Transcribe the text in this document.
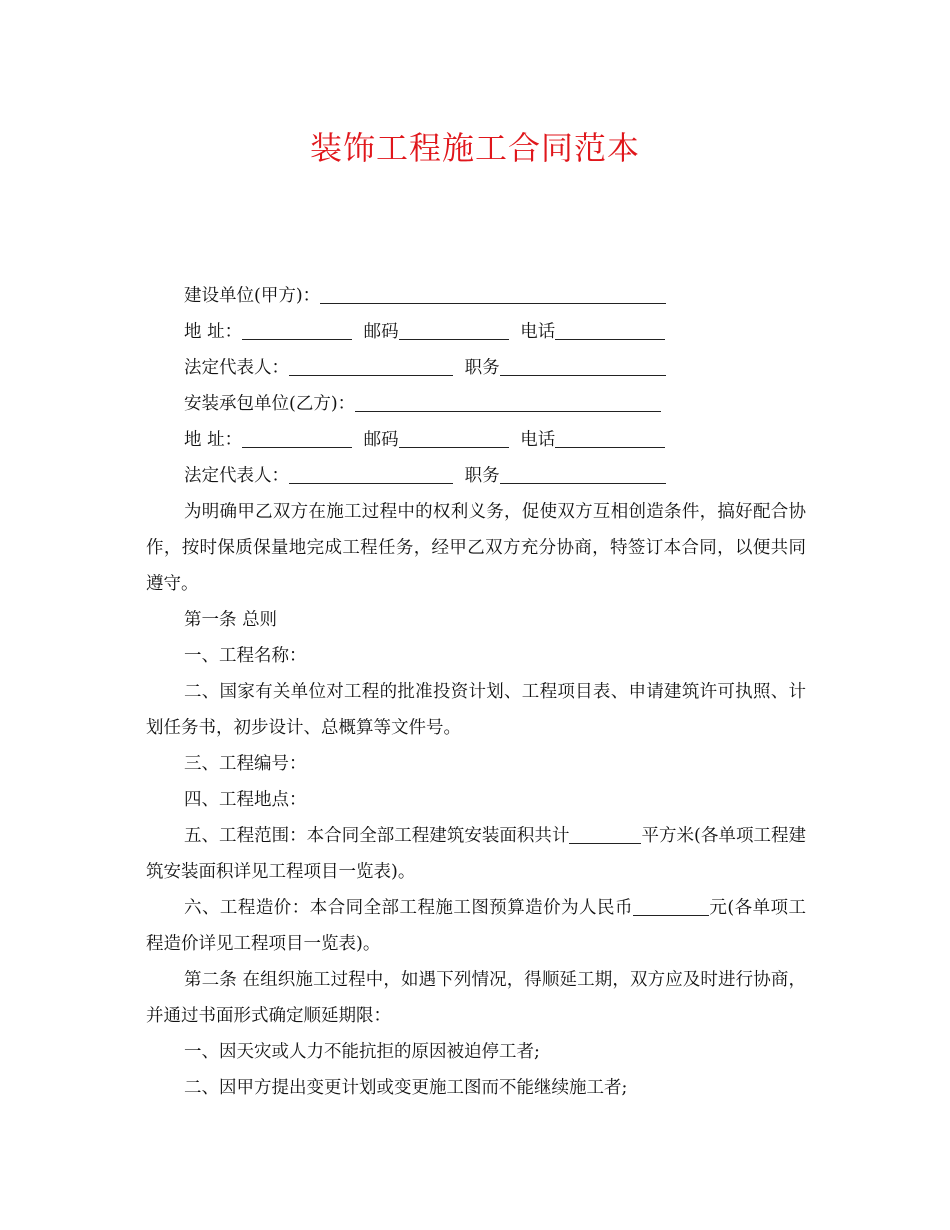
装饰工程施工合同范本
建设单位(甲方)：
地 址：	邮码	电话
法定代表人：	职务
安装承包单位(乙方)：
地 址：	邮码	电话
法定代表人：	职务

为明确甲乙双方在施工过程中的权利义务，促使双方互相创造条件，搞好配合协作，按时保质保量地完成工程任务，经甲乙双方充分协商，特签订本合同，以便共同遵守。

第一条 总则

一、工程名称：

二、国家有关单位对工程的批准投资计划、工程项目表、申请建筑许可执照、计划任务书，初步设计、总概算等文件号。

三、工程编号：

四、工程地点：

五、工程范围：本合同全部工程建筑安装面积共计	平方米(各单项工程建筑安装面积详见工程项目一览表)。

六、工程造价：本合同全部工程施工图预算造价为人民币	元(各单项工程造价详见工程项目一览表)。

第二条 在组织施工过程中，如遇下列情况，得顺延工期，双方应及时进行协商，并通过书面形式确定顺延期限：

一、因天灾或人力不能抗拒的原因被迫停工者;

二、因甲方提出变更计划或变更施工图而不能继续施工者;
